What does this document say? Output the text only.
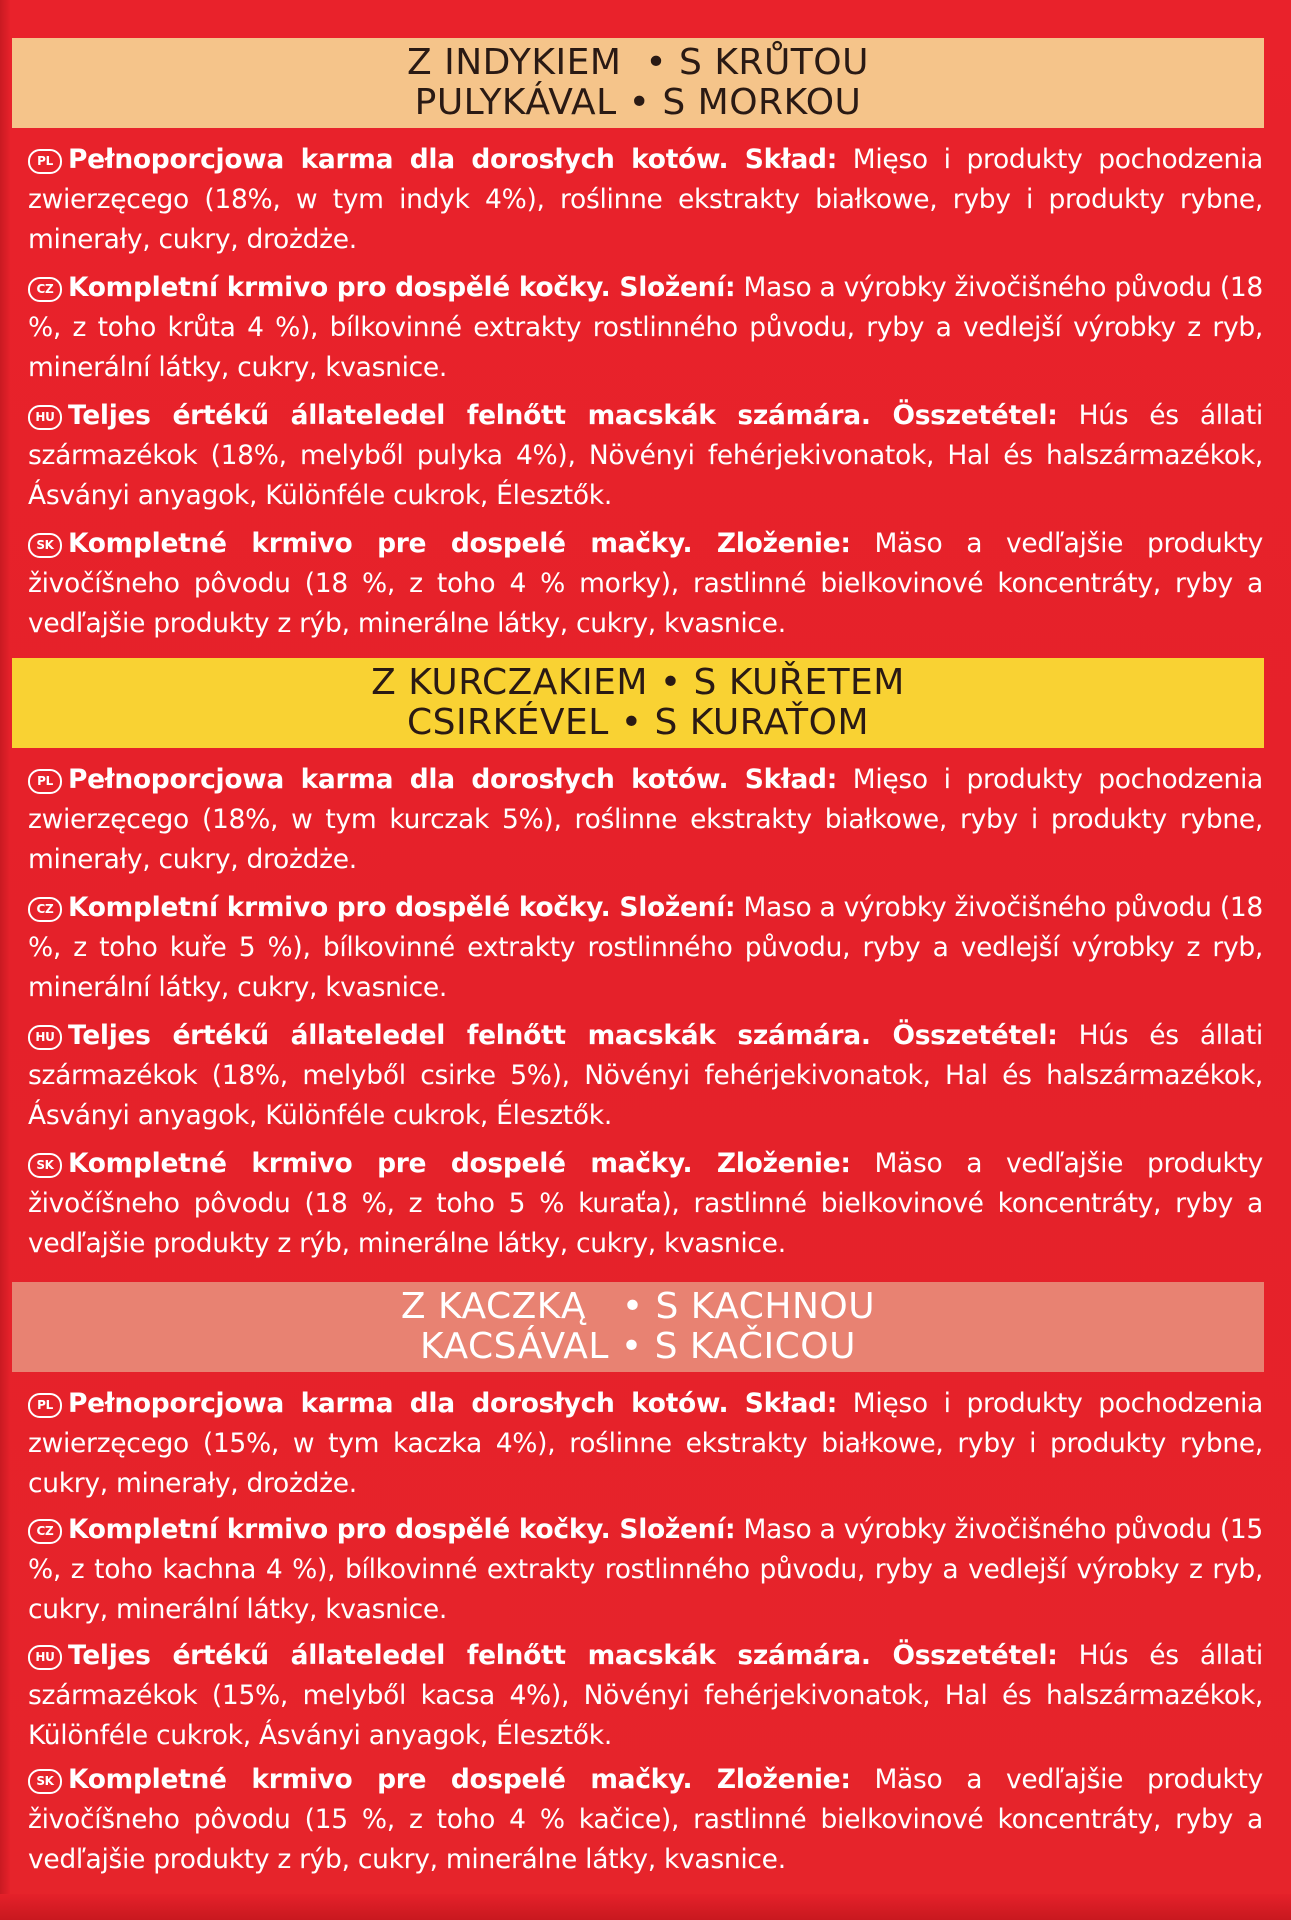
Z INDYKIEM  • S KRŮTOU
PULYKÁVAL • S MORKOU
PL Pełnoporcjowa karma dla dorosłych kotów. Skład: Mięso i produkty pochodzenia zwierzęcego (18%, w tym indyk 4%), roślinne ekstrakty białkowe, ryby i produkty rybne, minerały, cukry, drożdże.
CZ Kompletní krmivo pro dospělé kočky. Složení: Maso a výrobky živočišného původu (18 %, z toho krůta 4 %), bílkovinné extrakty rostlinného původu, ryby a vedlejší výrobky z ryb, minerální látky, cukry, kvasnice.
HU Teljes értékű állateledel felnőtt macskák számára. Összetétel: Hús és állati származékok (18%, melyből pulyka 4%), Növényi fehérjekivonatok, Hal és halszármazékok, Ásványi anyagok, Különféle cukrok, Élesztők.
SK Kompletné krmivo pre dospelé mačky. Zloženie: Mäso a vedľajšie produkty živočíšneho pôvodu (18 %, z toho 4 % morky), rastlinné bielkovinové koncentráty, ryby a vedľajšie produkty z rýb, minerálne látky, cukry, kvasnice.
Z KURCZAKIEM • S KUŘETEM
CSIRKÉVEL • S KURAŤOM
PL Pełnoporcjowa karma dla dorosłych kotów. Skład: Mięso i produkty pochodzenia zwierzęcego (18%, w tym kurczak 5%), roślinne ekstrakty białkowe, ryby i produkty rybne, minerały, cukry, drożdże.
CZ Kompletní krmivo pro dospělé kočky. Složení: Maso a výrobky živočišného původu (18 %, z toho kuře 5 %), bílkovinné extrakty rostlinného původu, ryby a vedlejší výrobky z ryb, minerální látky, cukry, kvasnice.
HU Teljes értékű állateledel felnőtt macskák számára. Összetétel: Hús és állati származékok (18%, melyből csirke 5%), Növényi fehérjekivonatok, Hal és halszármazékok, Ásványi anyagok, Különféle cukrok, Élesztők.
SK Kompletné krmivo pre dospelé mačky. Zloženie: Mäso a vedľajšie produkty živočíšneho pôvodu (18 %, z toho 5 % kuraťa), rastlinné bielkovinové koncentráty, ryby a vedľajšie produkty z rýb, minerálne látky, cukry, kvasnice.
Z KACZKĄ   • S KACHNOU
KACSÁVAL • S KAČICOU
PL Pełnoporcjowa karma dla dorosłych kotów. Skład: Mięso i produkty pochodzenia zwierzęcego (15%, w tym kaczka 4%), roślinne ekstrakty białkowe, ryby i produkty rybne, cukry, minerały, drożdże.
CZ Kompletní krmivo pro dospělé kočky. Složení: Maso a výrobky živočišného původu (15 %, z toho kachna 4 %), bílkovinné extrakty rostlinného původu, ryby a vedlejší výrobky z ryb, cukry, minerální látky, kvasnice.
HU Teljes értékű állateledel felnőtt macskák számára. Összetétel: Hús és állati származékok (15%, melyből kacsa 4%), Növényi fehérjekivonatok, Hal és halszármazékok, Különféle cukrok, Ásványi anyagok, Élesztők.
SK Kompletné krmivo pre dospelé mačky. Zloženie: Mäso a vedľajšie produkty živočíšneho pôvodu (15 %, z toho 4 % kačice), rastlinné bielkovinové koncentráty, ryby a vedľajšie produkty z rýb, cukry, minerálne látky, kvasnice.
